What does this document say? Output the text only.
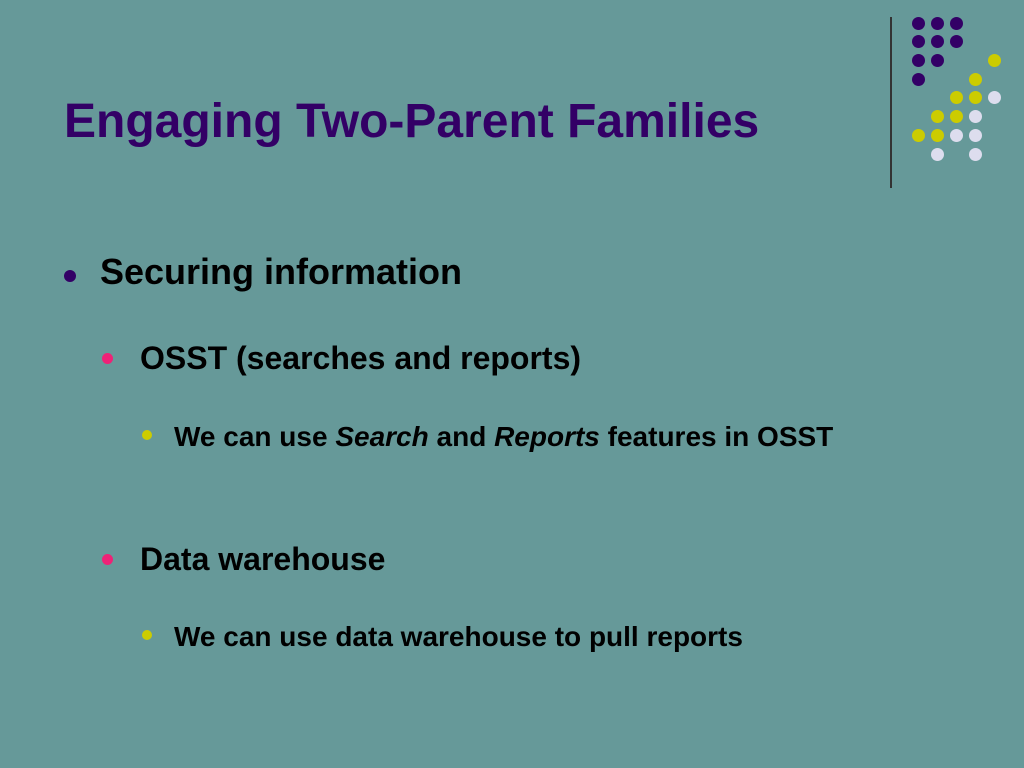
Engaging Two-Parent Families
Securing information
OSST (searches and reports)
We can use Search and Reports features in OSST
Data warehouse
We can use data warehouse to pull reports
